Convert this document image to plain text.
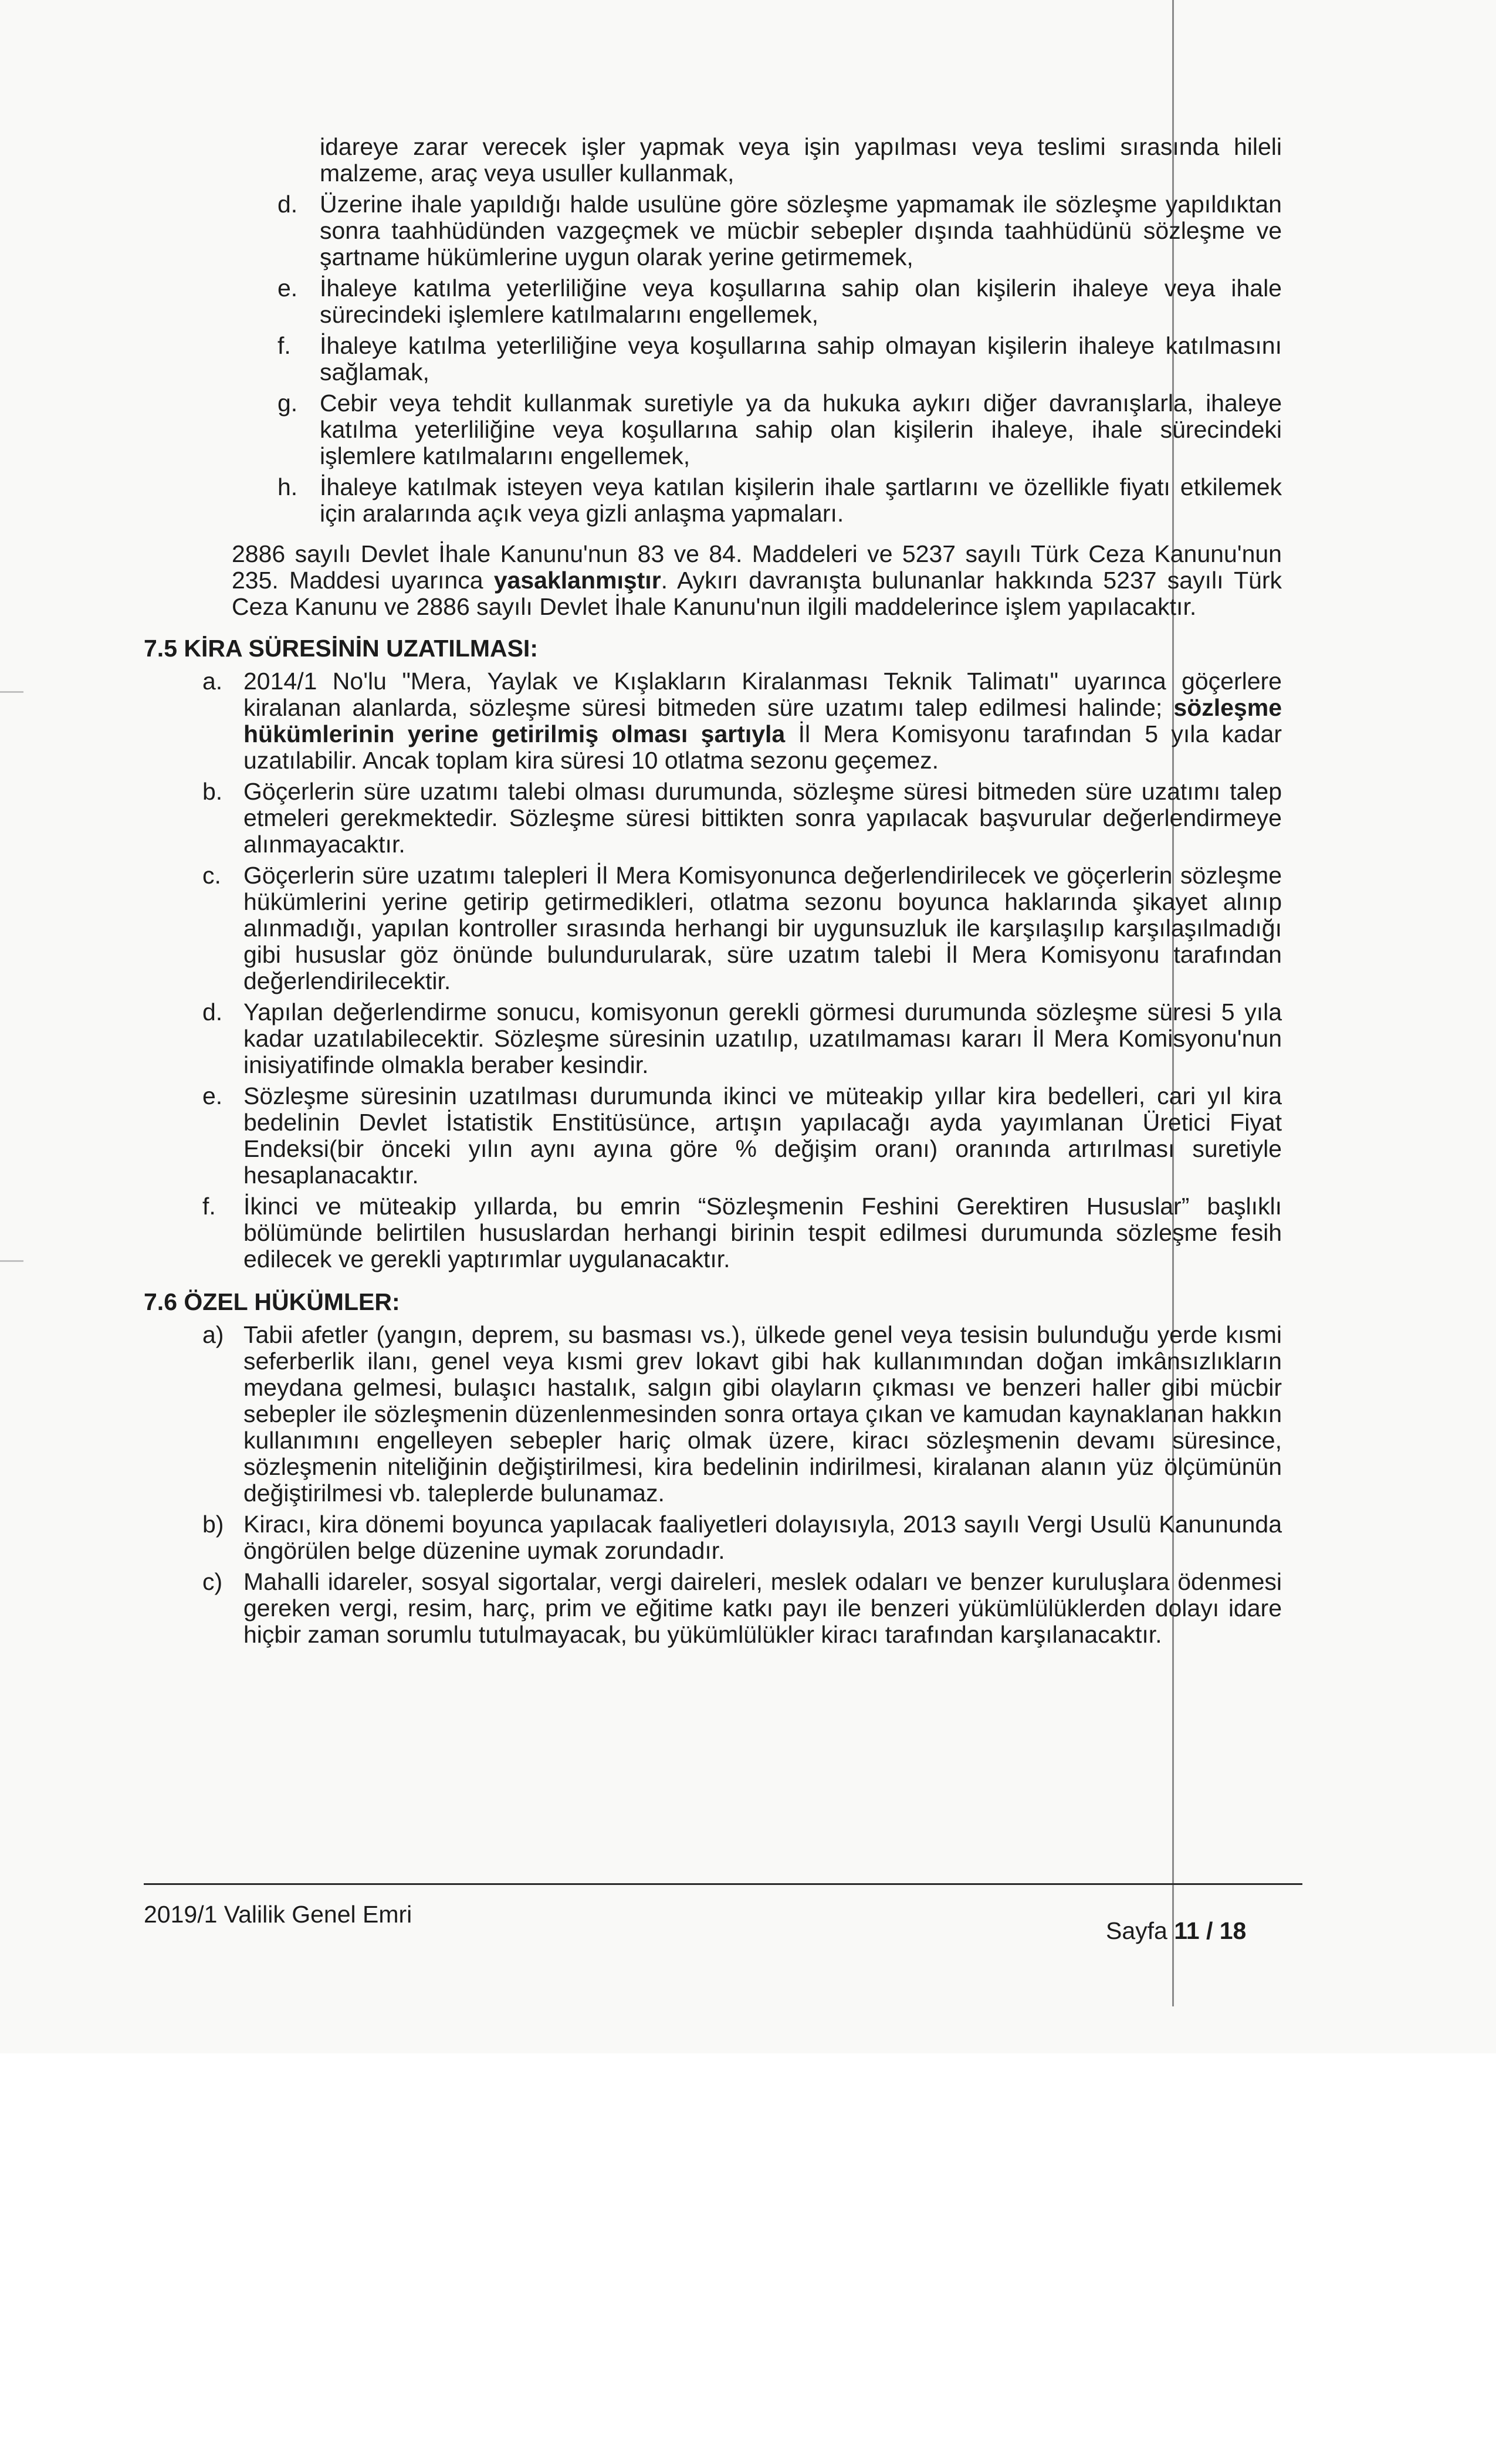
idareye zarar verecek işler yapmak veya işin yapılması veya teslimi sırasında hileli malzeme, araç veya usuller kullanmak,
d. Üzerine ihale yapıldığı halde usulüne göre sözleşme yapmamak ile sözleşme yapıldıktan sonra taahhüdünden vazgeçmek ve mücbir sebepler dışında taahhüdünü sözleşme ve şartname hükümlerine uygun olarak yerine getirmemek,
e. İhaleye katılma yeterliliğine veya koşullarına sahip olan kişilerin ihaleye veya ihale sürecindeki işlemlere katılmalarını engellemek,
f. İhaleye katılma yeterliliğine veya koşullarına sahip olmayan kişilerin ihaleye katılmasını sağlamak,
g. Cebir veya tehdit kullanmak suretiyle ya da hukuka aykırı diğer davranışlarla, ihaleye katılma yeterliliğine veya koşullarına sahip olan kişilerin ihaleye, ihale sürecindeki işlemlere katılmalarını engellemek,
h. İhaleye katılmak isteyen veya katılan kişilerin ihale şartlarını ve özellikle fiyatı etkilemek için aralarında açık veya gizli anlaşma yapmaları.
2886 sayılı Devlet İhale Kanunu'nun 83 ve 84. Maddeleri ve 5237 sayılı Türk Ceza Kanunu'nun 235. Maddesi uyarınca yasaklanmıştır. Aykırı davranışta bulunanlar hakkında 5237 sayılı Türk Ceza Kanunu ve 2886 sayılı Devlet İhale Kanunu'nun ilgili maddelerince işlem yapılacaktır.
7.5 KİRA SÜRESİNİN UZATILMASI:
a. 2014/1 No'lu "Mera, Yaylak ve Kışlakların Kiralanması Teknik Talimatı" uyarınca göçerlere kiralanan alanlarda, sözleşme süresi bitmeden süre uzatımı talep edilmesi halinde; sözleşme hükümlerinin yerine getirilmiş olması şartıyla İl Mera Komisyonu tarafından 5 yıla kadar uzatılabilir. Ancak toplam kira süresi 10 otlatma sezonu geçemez.
b. Göçerlerin süre uzatımı talebi olması durumunda, sözleşme süresi bitmeden süre uzatımı talep etmeleri gerekmektedir. Sözleşme süresi bittikten sonra yapılacak başvurular değerlendirmeye alınmayacaktır.
c. Göçerlerin süre uzatımı talepleri İl Mera Komisyonunca değerlendirilecek ve göçerlerin sözleşme hükümlerini yerine getirip getirmedikleri, otlatma sezonu boyunca haklarında şikayet alınıp alınmadığı, yapılan kontroller sırasında herhangi bir uygunsuzluk ile karşılaşılıp karşılaşılmadığı gibi hususlar göz önünde bulundurularak, süre uzatım talebi İl Mera Komisyonu tarafından değerlendirilecektir.
d. Yapılan değerlendirme sonucu, komisyonun gerekli görmesi durumunda sözleşme süresi 5 yıla kadar uzatılabilecektir. Sözleşme süresinin uzatılıp, uzatılmaması kararı İl Mera Komisyonu'nun inisiyatifinde olmakla beraber kesindir.
e. Sözleşme süresinin uzatılması durumunda ikinci ve müteakip yıllar kira bedelleri, cari yıl kira bedelinin Devlet İstatistik Enstitüsünce, artışın yapılacağı ayda yayımlanan Üretici Fiyat Endeksi(bir önceki yılın aynı ayına göre % değişim oranı) oranında artırılması suretiyle hesaplanacaktır.
f. İkinci ve müteakip yıllarda, bu emrin “Sözleşmenin Feshini Gerektiren Hususlar” başlıklı bölümünde belirtilen hususlardan herhangi birinin tespit edilmesi durumunda sözleşme fesih edilecek ve gerekli yaptırımlar uygulanacaktır.
7.6 ÖZEL HÜKÜMLER:
a) Tabii afetler (yangın, deprem, su basması vs.), ülkede genel veya tesisin bulunduğu yerde kısmi seferberlik ilanı, genel veya kısmi grev lokavt gibi hak kullanımından doğan imkânsızlıkların meydana gelmesi, bulaşıcı hastalık, salgın gibi olayların çıkması ve benzeri haller gibi mücbir sebepler ile sözleşmenin düzenlenmesinden sonra ortaya çıkan ve kamudan kaynaklanan hakkın kullanımını engelleyen sebepler hariç olmak üzere, kiracı sözleşmenin devamı süresince, sözleşmenin niteliğinin değiştirilmesi, kira bedelinin indirilmesi, kiralanan alanın yüz ölçümünün değiştirilmesi vb. taleplerde bulunamaz.
b) Kiracı, kira dönemi boyunca yapılacak faaliyetleri dolayısıyla, 2013 sayılı Vergi Usulü Kanununda öngörülen belge düzenine uymak zorundadır.
c) Mahalli idareler, sosyal sigortalar, vergi daireleri, meslek odaları ve benzer kuruluşlara ödenmesi gereken vergi, resim, harç, prim ve eğitime katkı payı ile benzeri yükümlülüklerden dolayı idare hiçbir zaman sorumlu tutulmayacak, bu yükümlülükler kiracı tarafından karşılanacaktır.
2019/1 Valilik Genel Emri
Sayfa 11 / 18
